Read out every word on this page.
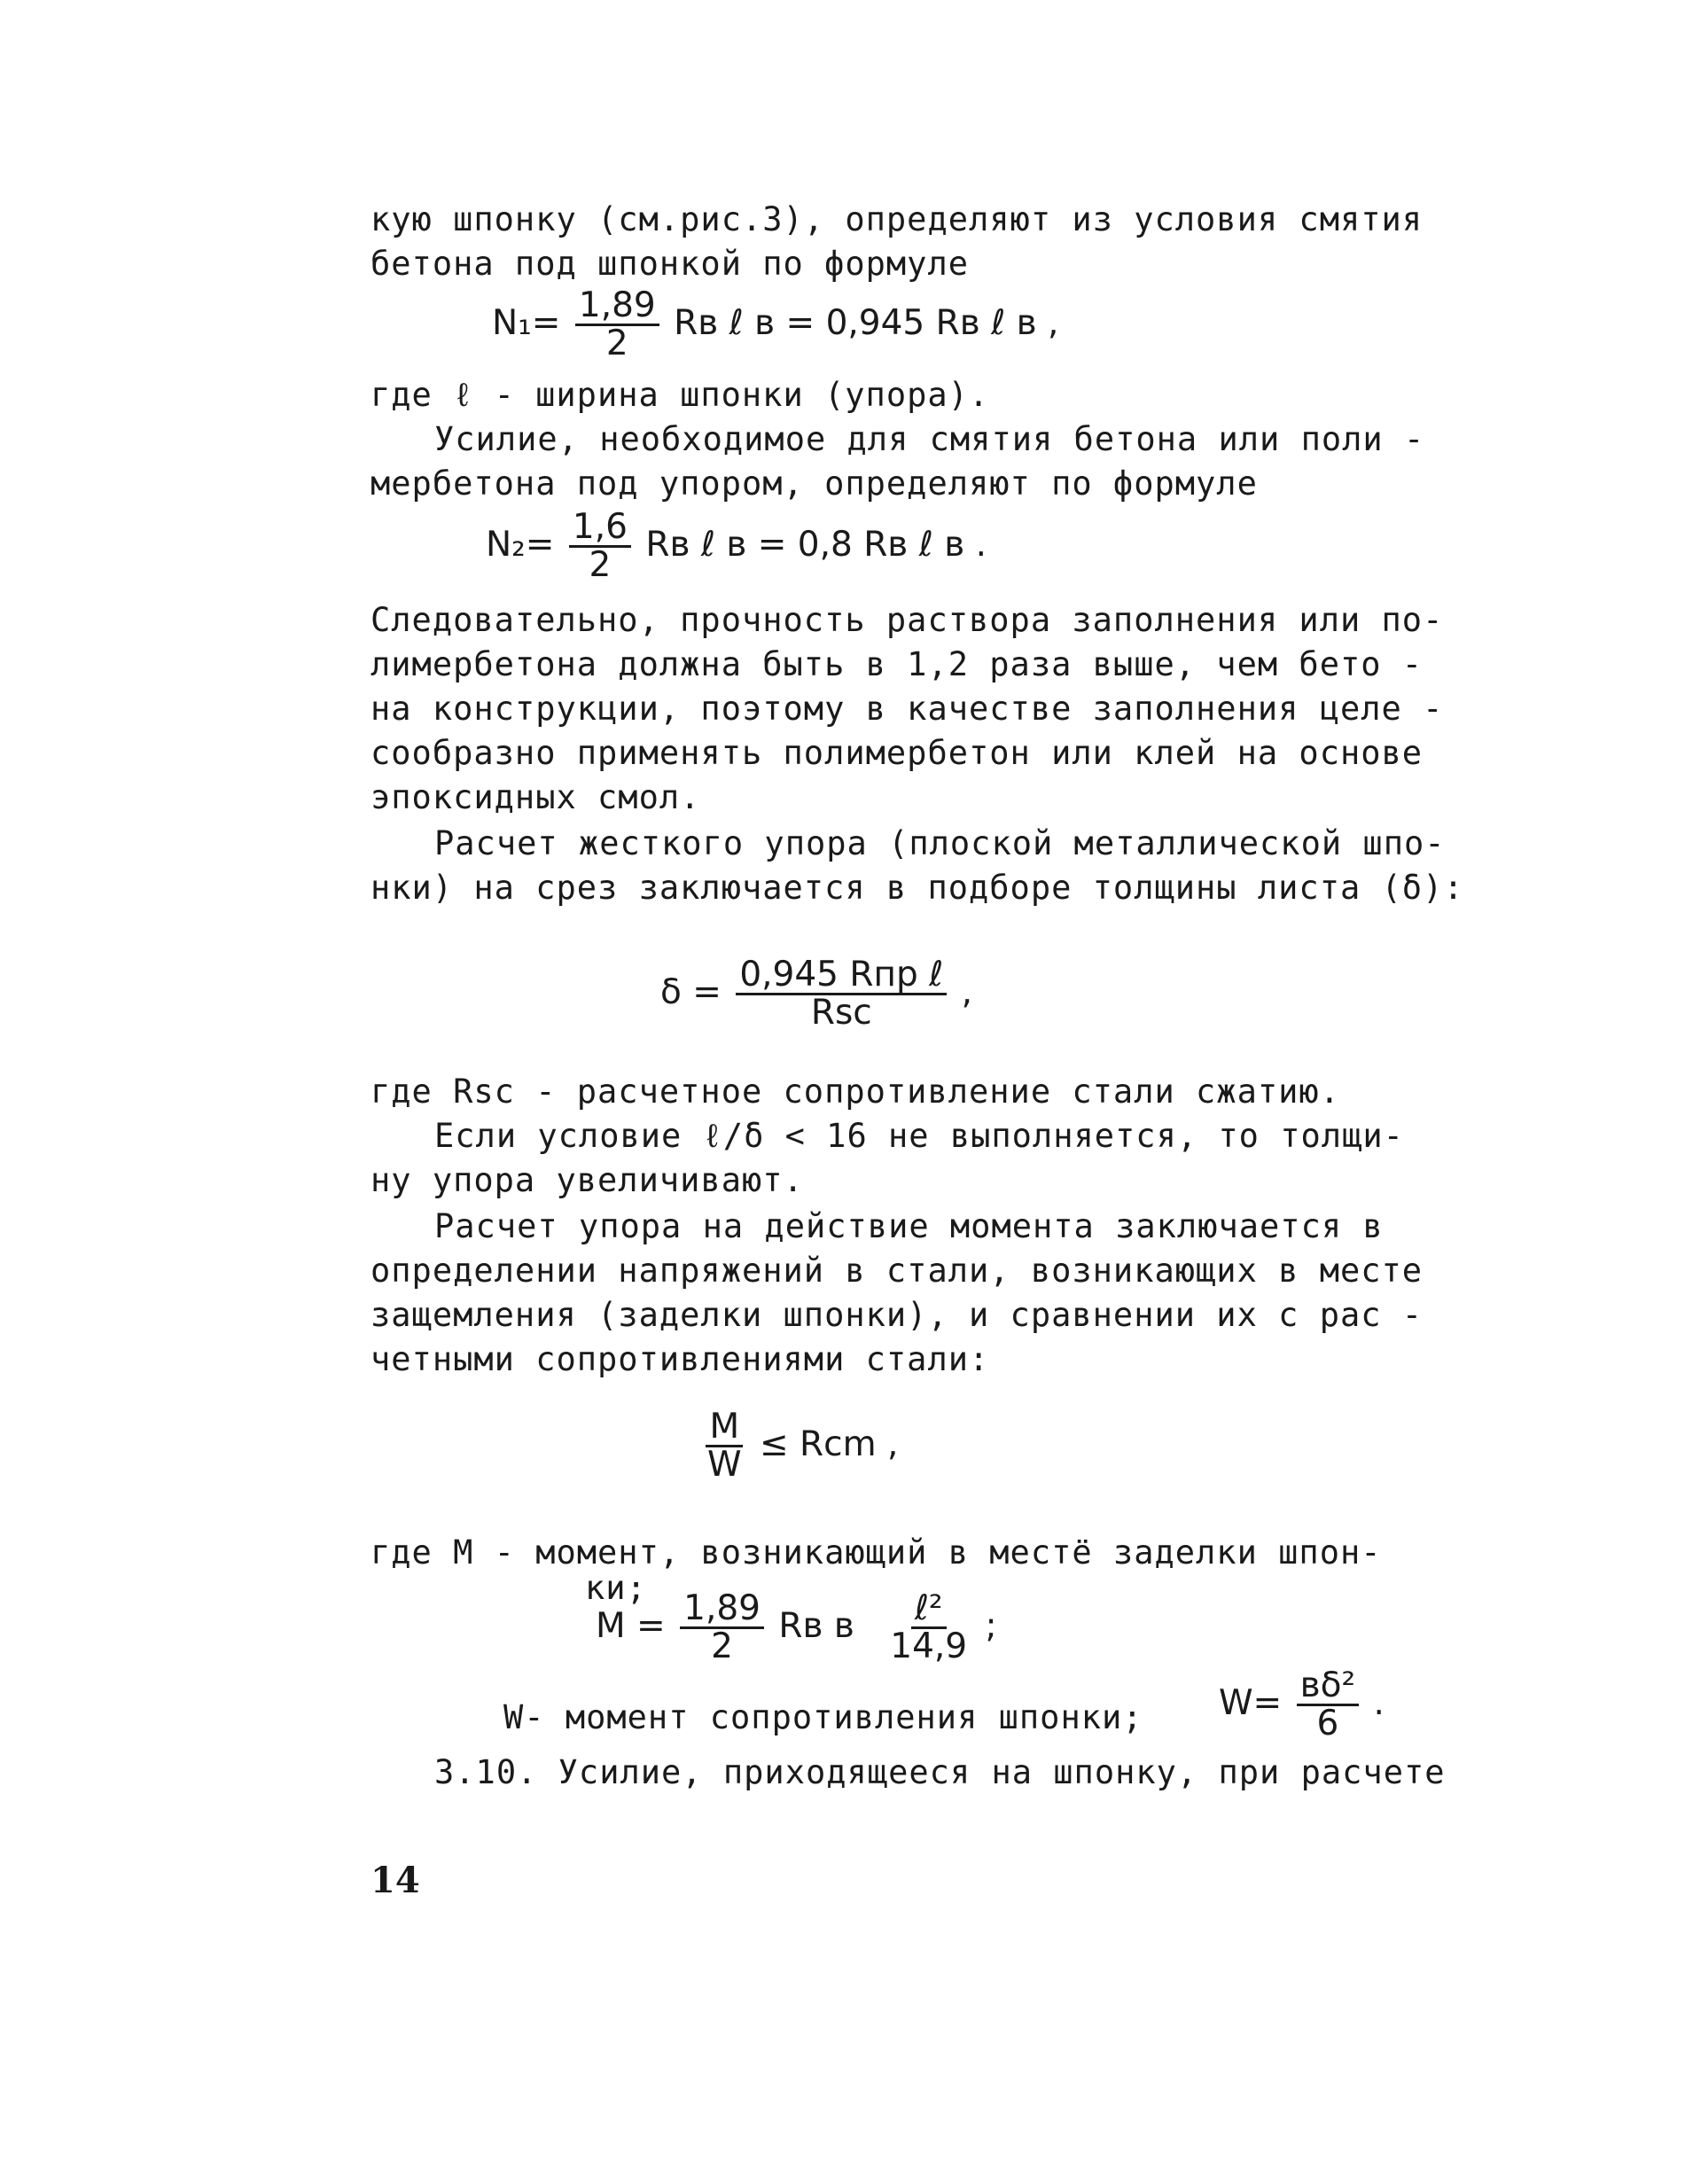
кую шпонку (см.рис.3), определяют из условия смятия
бетона под шпонкой по формуле
$N_1= \frac{1,89}{2}$ Rв ℓ в = 0,945 Rв ℓ в ,
где ℓ - ширина шпонки (упора).
Усилие, необходимое для смятия бетона или поли -
мербетона под упором, определяют по формуле
$N_2= \frac{1,6}{2}$ Rв ℓ в = 0,8 Rв ℓ в .
Следовательно, прочность раствора заполнения или по-
лимербетона должна быть в 1,2 раза выше, чем бето -
на конструкции, поэтому в качестве заполнения целе -
сообразно применять полимербетон или клей на основе
эпоксидных смол.
Расчет жесткого упора (плоской металлической шпо-
нки) на срез заключается в подборе толщины листа (δ):
$\delta = \frac{\text{0,945 Rпр ℓ}}{\text{Rsc}}$ ,
где Rsc - расчетное сопротивление стали сжатию.
Если условие ℓ/δ < 16 не выполняется, то толщи-
ну упора увеличивают.
Расчет упора на действие момента заключается в
определении напряжений в стали, возникающих в месте
защемления (заделки шпонки), и сравнении их с рас -
четными сопротивлениями стали:
$\frac{M}{W}$ ≤ Rcm ,
где M - момент, возникающий в местё заделки шпон-
ки;
$M = \frac{1,89}{2}$ Rв в $\frac{\text{ℓ²}}{14,9}$ ;
W- момент сопротивления шпонки; $W= \frac{\text{вδ²}}{6}$ .
3.10. Усилие, приходящееся на шпонку, при расчете
14
